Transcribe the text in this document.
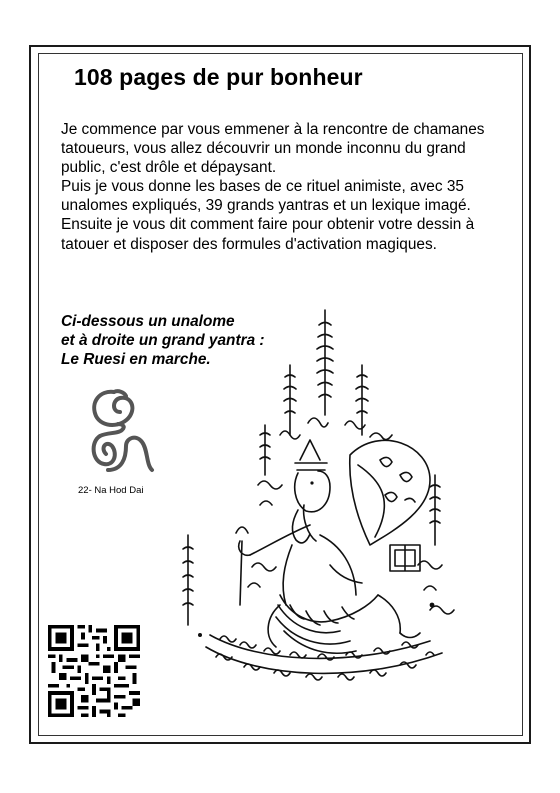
108 pages de pur bonheur

Je commence par vous emmener à la rencontre de chamanes tatoueurs, vous allez découvrir un monde inconnu du grand public, c'est drôle et dépaysant.

Puis je vous donne les bases de ce rituel animiste, avec 35 unalomes expliqués, 39 grands yantras et un lexique imagé.

Ensuite je vous dit comment faire pour obtenir votre dessin à tatouer et disposer des formules d'activation magiques.

Ci-dessous un unalome
et à droite un grand yantra :
Le Ruesi en marche.
22- Na Hod Dai
